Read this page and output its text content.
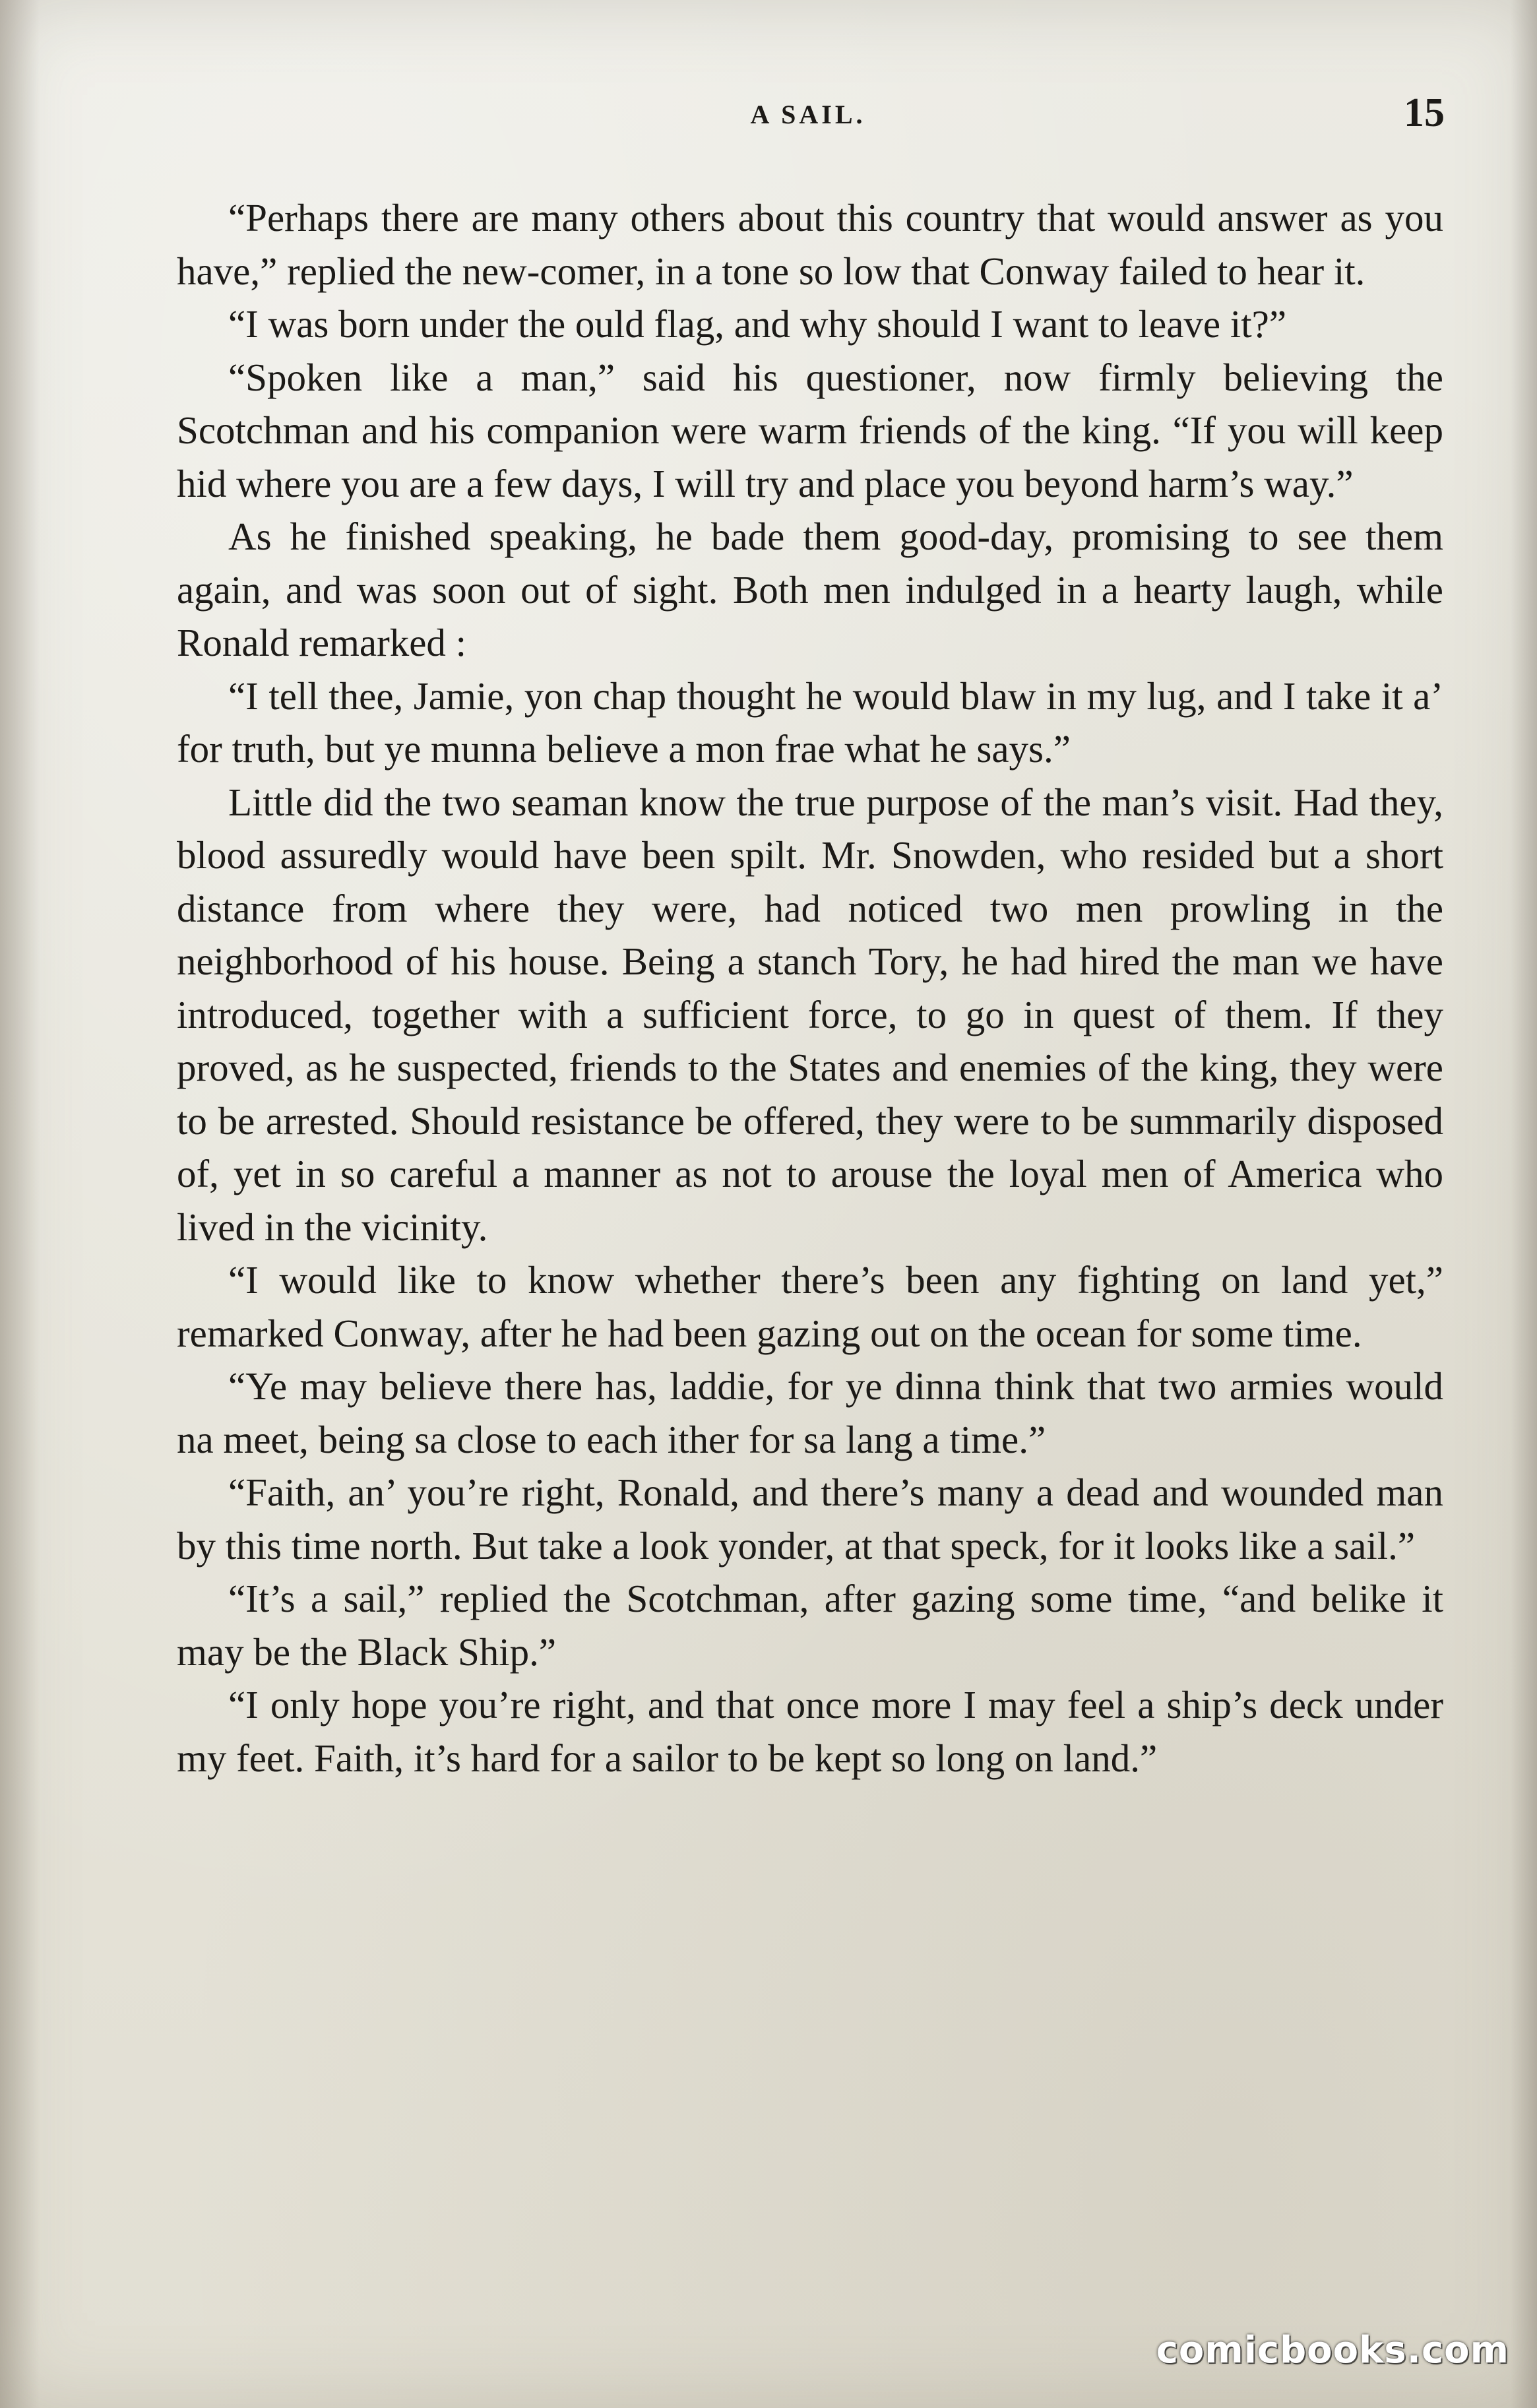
A SAIL.	15

“Perhaps there are many others about this country that would answer as you have,” replied the new-comer, in a tone so low that Conway failed to hear it.

“I was born under the ould flag, and why should I want to leave it?”

“Spoken like a man,” said his questioner, now firmly believing the Scotchman and his companion were warm friends of the king. “If you will keep hid where you are a few days, I will try and place you beyond harm’s way.”

As he finished speaking, he bade them good-day, promising to see them again, and was soon out of sight. Both men indulged in a hearty laugh, while Ronald remarked :

“I tell thee, Jamie, yon chap thought he would blaw in my lug, and I take it a’ for truth, but ye munna believe a mon frae what he says.”

Little did the two seaman know the true purpose of the man’s visit. Had they, blood assuredly would have been spilt. Mr. Snowden, who resided but a short distance from where they were, had noticed two men prowling in the neighborhood of his house. Being a stanch Tory, he had hired the man we have introduced, together with a sufficient force, to go in quest of them. If they proved, as he suspected, friends to the States and enemies of the king, they were to be arrested. Should resistance be offered, they were to be summarily disposed of, yet in so careful a manner as not to arouse the loyal men of America who lived in the vicinity.

“I would like to know whether there’s been any fighting on land yet,” remarked Conway, after he had been gazing out on the ocean for some time.

“Ye may believe there has, laddie, for ye dinna think that two armies would na meet, being sa close to each ither for sa lang a time.”

“Faith, an’ you’re right, Ronald, and there’s many a dead and wounded man by this time north. But take a look yonder, at that speck, for it looks like a sail.”

“It’s a sail,” replied the Scotchman, after gazing some time, “and belike it may be the Black Ship.”

“I only hope you’re right, and that once more I may feel a ship’s deck under my feet. Faith, it’s hard for a sailor to be kept so long on land.”

comicbooks.com
